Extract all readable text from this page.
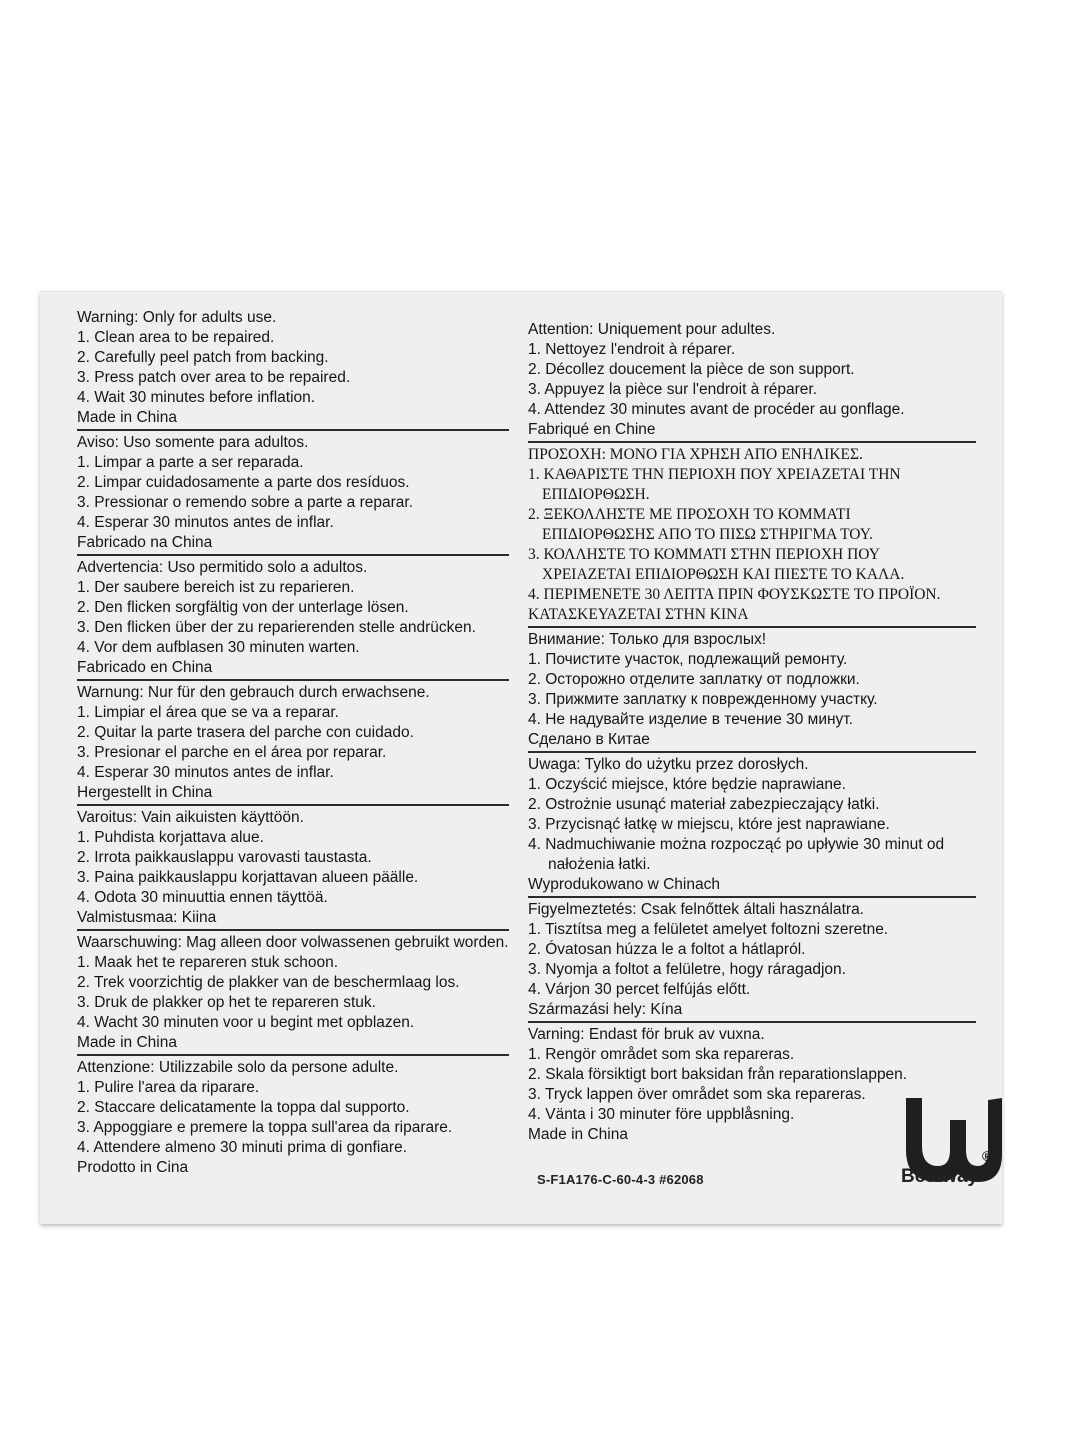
Warning: Only for adults use.
1. Clean area to be repaired.
2. Carefully peel patch from backing.
3. Press patch over area to be repaired.
4. Wait 30 minutes before inflation.
Made in China
Aviso: Uso somente para adultos.
1. Limpar a parte a ser reparada.
2. Limpar cuidadosamente a parte dos resíduos.
3. Pressionar o remendo sobre a parte a reparar.
4. Esperar 30 minutos antes de inflar.
Fabricado na China
Advertencia: Uso permitido solo a adultos.
1. Der saubere bereich ist zu reparieren.
2. Den flicken sorgfältig von der unterlage lösen.
3. Den flicken über der zu reparierenden stelle andrücken.
4. Vor dem aufblasen 30 minuten warten.
Fabricado en China
Warnung: Nur für den gebrauch durch erwachsene.
1. Limpiar el área que se va a reparar.
2. Quitar la parte trasera del parche con cuidado.
3. Presionar el parche en el área por reparar.
4. Esperar 30 minutos antes de inflar.
Hergestellt in China
Varoitus: Vain aikuisten käyttöön.
1. Puhdista korjattava alue.
2. Irrota paikkauslappu varovasti taustasta.
3. Paina paikkauslappu korjattavan alueen päälle.
4. Odota 30 minuuttia ennen täyttöä.
Valmistusmaa: Kiina
Waarschuwing: Mag alleen door volwassenen gebruikt worden.
1. Maak het te repareren stuk schoon.
2. Trek voorzichtig de plakker van de beschermlaag los.
3. Druk de plakker op het te repareren stuk.
4. Wacht 30 minuten voor u begint met opblazen.
Made in China
Attenzione: Utilizzabile solo da persone adulte.
1. Pulire l'area da riparare.
2. Staccare delicatamente la toppa dal supporto.
3. Appoggiare e premere la toppa sull'area da riparare.
4. Attendere almeno 30 minuti prima di gonfiare.
Prodotto in Cina
Attention: Uniquement pour adultes.
1. Nettoyez l'endroit à réparer.
2. Décollez doucement la pièce de son support.
3. Appuyez la pièce sur l'endroit à réparer.
4. Attendez 30 minutes avant de procéder au gonflage.
Fabriqué en Chine
ΠΡΟΣΟΧΗ: ΜΟΝΟ ΓΙΑ ΧΡΗΣΗ ΑΠΟ ΕΝΗΛΙΚΕΣ.
1. ΚΑΘΑΡΙΣΤΕ ΤΗΝ ΠΕΡΙΟΧΗ ΠΟΥ ΧΡΕΙΑΖΕΤΑΙ ΤΗΝ
ΕΠΙΔΙΟΡΘΩΣΗ.
2. ΞΕΚΟΛΛΗΣΤΕ ΜΕ ΠΡΟΣΟΧΗ ΤΟ ΚΟΜΜΑΤΙ
ΕΠΙΔΙΟΡΘΩΣΗΣ ΑΠΟ ΤΟ ΠΙΣΩ ΣΤΗΡΙΓΜΑ ΤΟΥ.
3. ΚΟΛΛΗΣΤΕ ΤΟ ΚΟΜΜΑΤΙ ΣΤΗΝ ΠΕΡΙΟΧΗ ΠΟΥ
ΧΡΕΙΑΖΕΤΑΙ ΕΠΙΔΙΟΡΘΩΣΗ ΚΑΙ ΠΙΕΣΤΕ ΤΟ ΚΑΛΑ.
4. ΠΕΡΙΜΕΝΕΤΕ 30 ΛΕΠΤΑ ΠΡΙΝ ΦΟΥΣΚΩΣΤΕ ΤΟ ΠΡΟΪΟΝ.
ΚΑΤΑΣΚΕΥΑΖΕΤΑΙ ΣΤΗΝ ΚΙΝΑ
Внимание: Только для взрослых!
1. Почистите участок, подлежащий ремонту.
2. Осторожно отделите заплатку от подложки.
3. Прижмите заплатку к поврежденному участку.
4. Не надувайте изделие в течение 30 минут.
Сделано в Китае
Uwaga: Tylko do użytku przez dorosłych.
1. Oczyścić miejsce, które będzie naprawiane.
2. Ostrożnie usunąć materiał zabezpieczający łatki.
3. Przycisnąć łatkę w miejscu, które jest naprawiane.
4. Nadmuchiwanie można rozpocząć po upływie 30 minut od
nałożenia łatki.
Wyprodukowano w Chinach
Figyelmeztetés: Csak felnőttek általi használatra.
1. Tisztítsa meg a felületet amelyet foltozni szeretne.
2. Óvatosan húzza le a foltot a hátlapról.
3. Nyomja a foltot a felületre, hogy ráragadjon.
4. Várjon 30 percet felfújás előtt.
Származási hely: Kína
Varning: Endast för bruk av vuxna.
1. Rengör området som ska repareras.
2. Skala försiktigt bort baksidan från reparationslappen.
3. Tryck lappen över området som ska repareras.
4. Vänta i 30 minuter före uppblåsning.
Made in China
S-F1A176-C-60-4-3 #62068	Bestway
®
